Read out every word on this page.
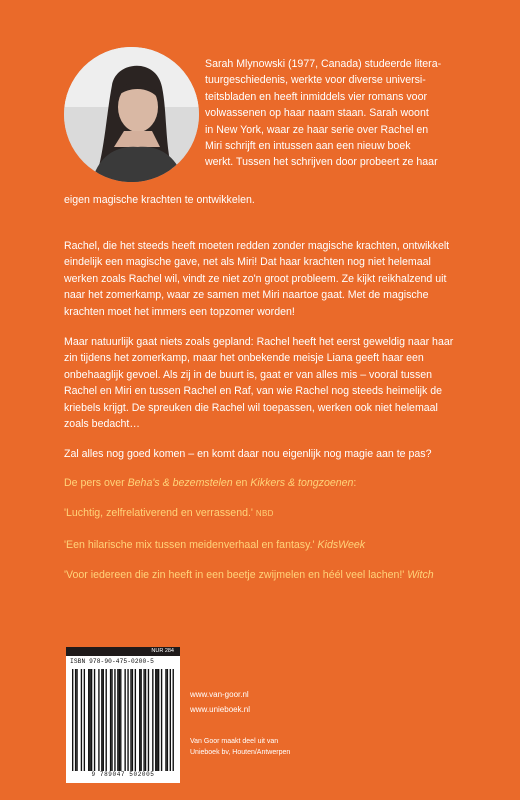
Sarah Mlynowski (1977, Canada) studeerde litera-
tuurgeschiedenis, werkte voor diverse universi-
teitsbladen en heeft inmiddels vier romans voor
volwassenen op haar naam staan. Sarah woont
in New York, waar ze haar serie over Rachel en
Miri schrijft en intussen aan een nieuw boek
werkt. Tussen het schrijven door probeert ze haar

eigen magische krachten te ontwikkelen.

Rachel, die het steeds heeft moeten redden zonder magische krachten, ontwikkelt eindelijk een magische gave, net als Miri! Dat haar krachten nog niet helemaal werken zoals Rachel wil, vindt ze niet zo'n groot probleem. Ze kijkt reikhalzend uit naar het zomerkamp, waar ze samen met Miri naartoe gaat. Met de magische krachten moet het immers een topzomer worden!

Maar natuurlijk gaat niets zoals gepland: Rachel heeft het eerst geweldig naar haar zin tijdens het zomerkamp, maar het onbekende meisje Liana geeft haar een onbehaaglijk gevoel. Als zij in de buurt is, gaat er van alles mis – vooral tussen Rachel en Miri en tussen Rachel en Raf, van wie Rachel nog steeds heimelijk de kriebels krijgt. De spreuken die Rachel wil toepassen, werken ook niet helemaal zoals bedacht…

Zal alles nog goed komen – en komt daar nou eigenlijk nog magie aan te pas?

De pers over Beha's & bezemstelen en Kikkers & tongzoenen:

'Luchtig, zelfrelativerend en verrassend.' NBD

'Een hilarische mix tussen meidenverhaal en fantasy.' KidsWeek

'Voor iedereen die zin heeft in een beetje zwijmelen en héél veel lachen!' Witch

NUR 284
ISBN 978-90-475-0200-5
9 789047 502005
www.van-goor.nl
www.unieboek.nl
Van Goor maakt deel uit van
Unieboek bv, Houten/Antwerpen
